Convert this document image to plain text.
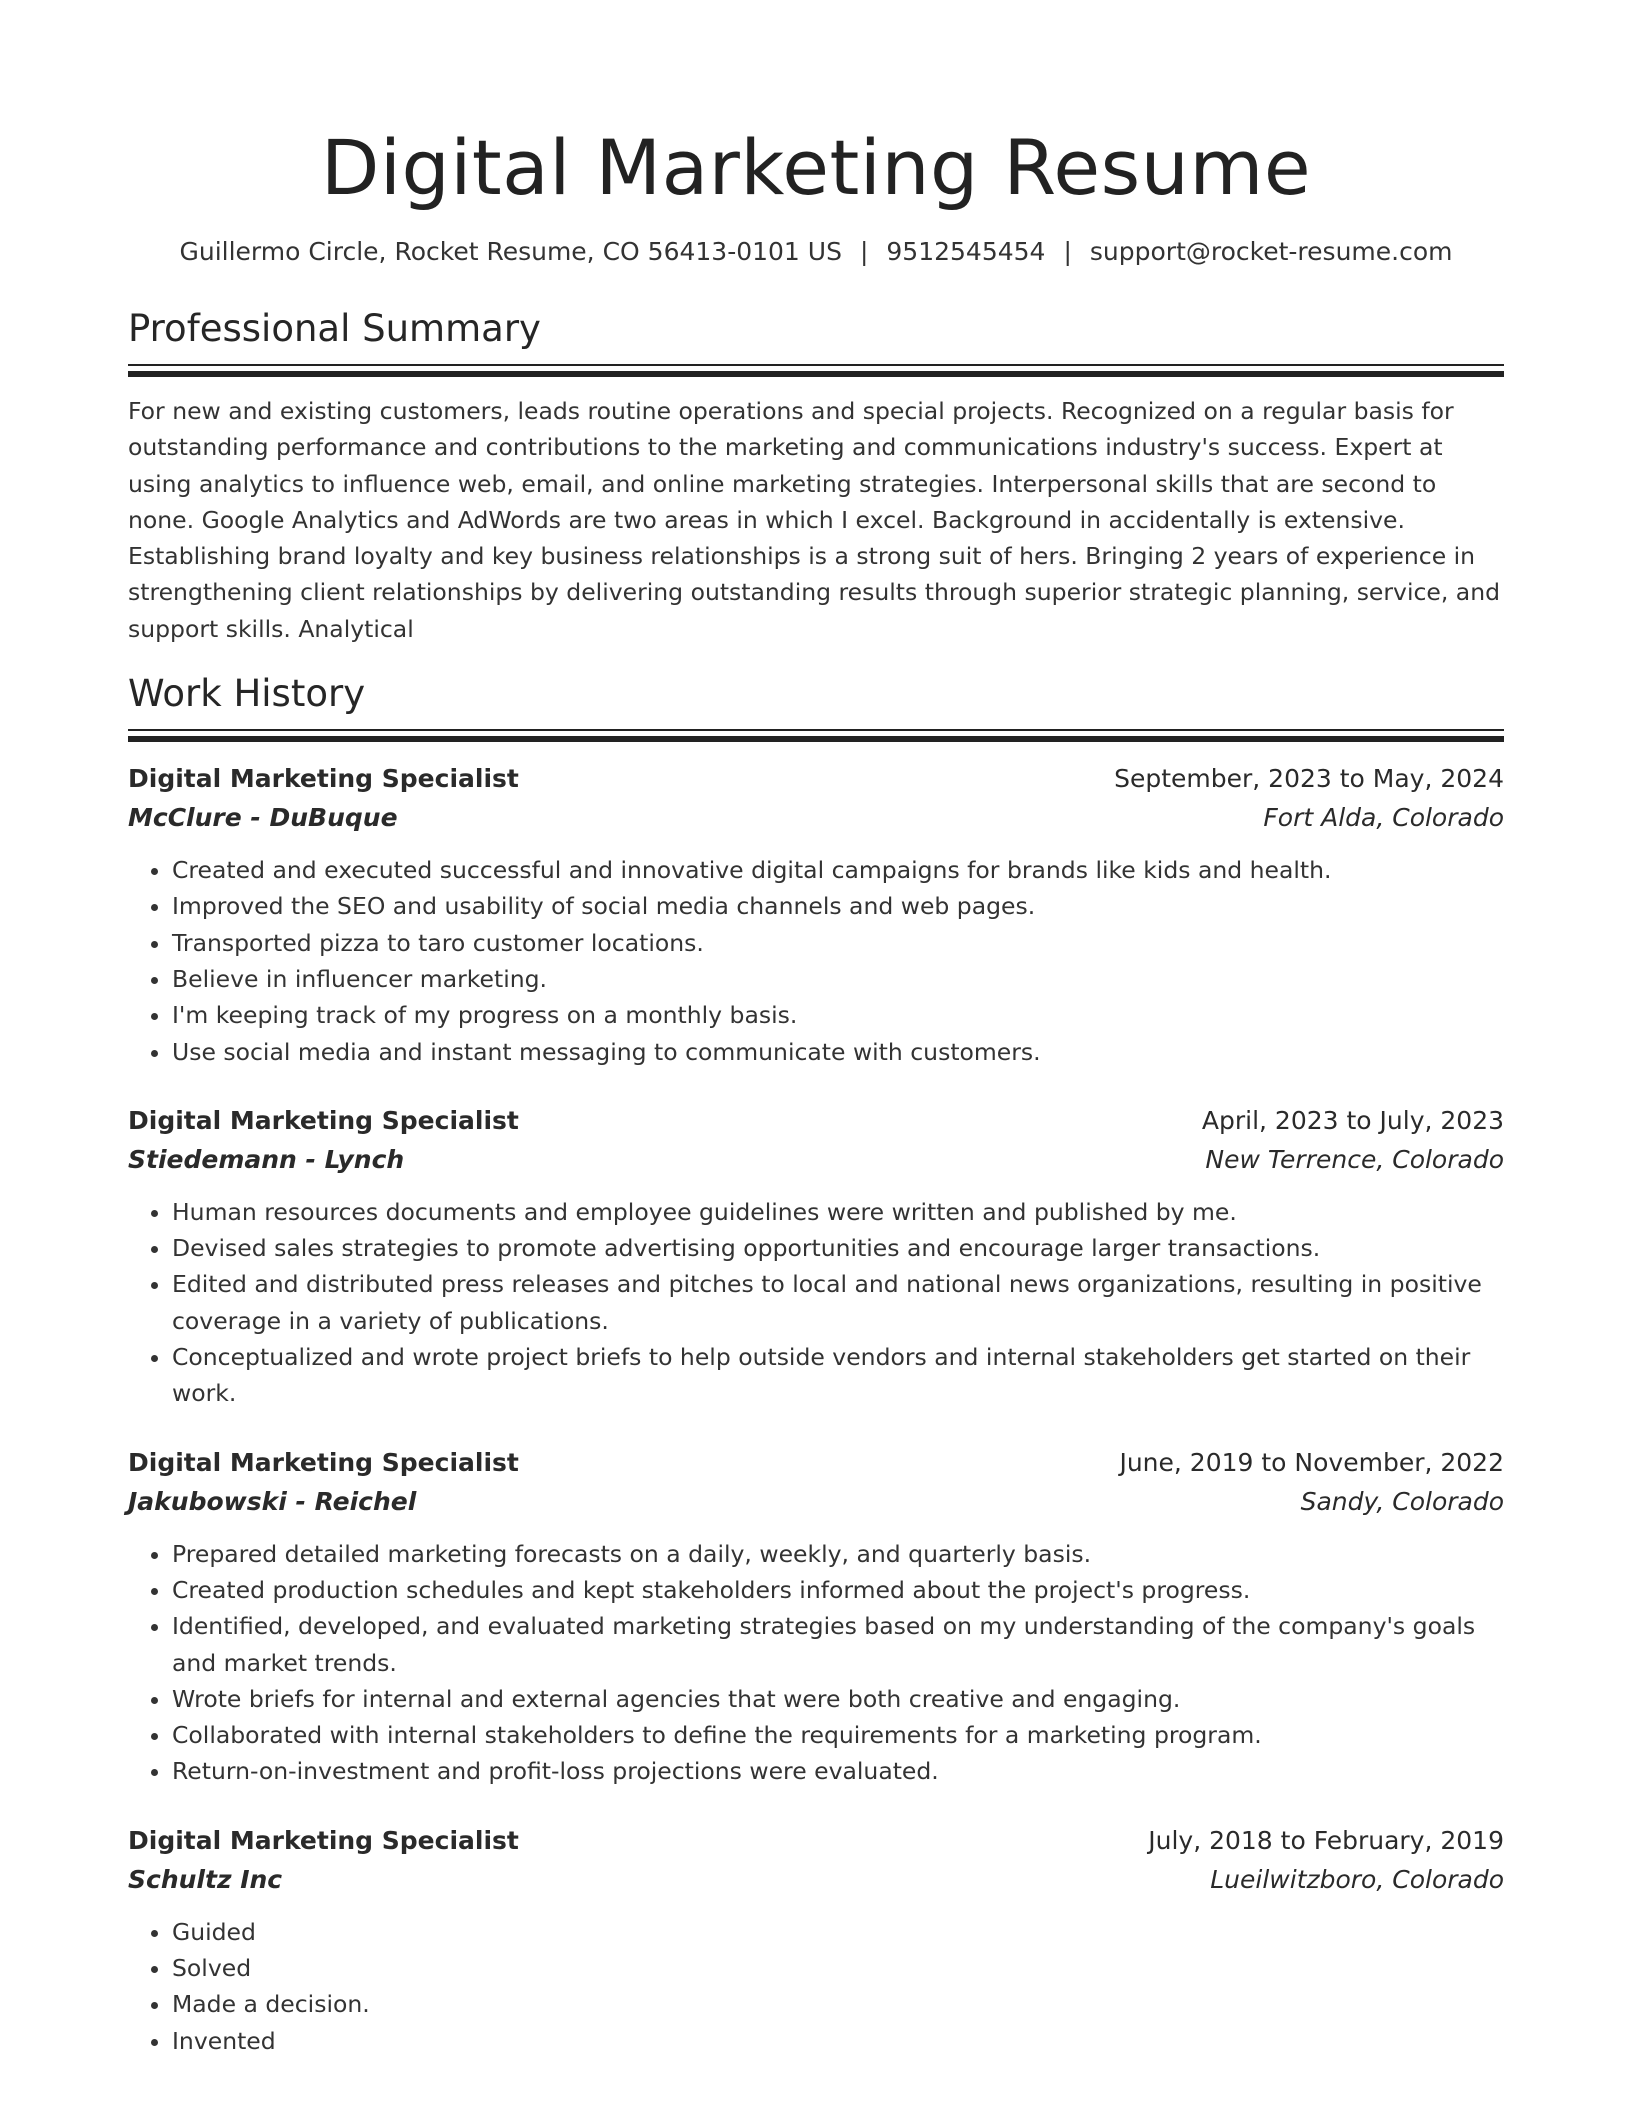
Digital Marketing Resume
Guillermo Circle, Rocket Resume, CO 56413-0101 US | 9512545454 | support@rocket-resume.com
Professional Summary

For new and existing customers, leads routine operations and special projects. Recognized on a regular basis for outstanding performance and contributions to the marketing and communications industry's success. Expert at using analytics to influence web, email, and online marketing strategies. Interpersonal skills that are second to none. Google Analytics and AdWords are two areas in which I excel. Background in accidentally is extensive. Establishing brand loyalty and key business relationships is a strong suit of hers. Bringing 2 years of experience in strengthening client relationships by delivering outstanding results through superior strategic planning, service, and support skills. Analytical

Work History
Digital Marketing Specialist	September, 2023 to May, 2024
McClure - DuBuque	Fort Alda, Colorado
• Created and executed successful and innovative digital campaigns for brands like kids and health.
• Improved the SEO and usability of social media channels and web pages.
• Transported pizza to taro customer locations.
• Believe in influencer marketing.
• I'm keeping track of my progress on a monthly basis.
• Use social media and instant messaging to communicate with customers.
Digital Marketing Specialist	April, 2023 to July, 2023
Stiedemann - Lynch	New Terrence, Colorado
• Human resources documents and employee guidelines were written and published by me.
• Devised sales strategies to promote advertising opportunities and encourage larger transactions.
• Edited and distributed press releases and pitches to local and national news organizations, resulting in positive coverage in a variety of publications.
• Conceptualized and wrote project briefs to help outside vendors and internal stakeholders get started on their work.
Digital Marketing Specialist	June, 2019 to November, 2022
Jakubowski - Reichel	Sandy, Colorado
• Prepared detailed marketing forecasts on a daily, weekly, and quarterly basis.
• Created production schedules and kept stakeholders informed about the project's progress.
• Identified, developed, and evaluated marketing strategies based on my understanding of the company's goals and market trends.
• Wrote briefs for internal and external agencies that were both creative and engaging.
• Collaborated with internal stakeholders to define the requirements for a marketing program.
• Return-on-investment and profit-loss projections were evaluated.
Digital Marketing Specialist	July, 2018 to February, 2019
Schultz Inc	Lueilwitzboro, Colorado
• Guided
• Solved
• Made a decision.
• Invented
